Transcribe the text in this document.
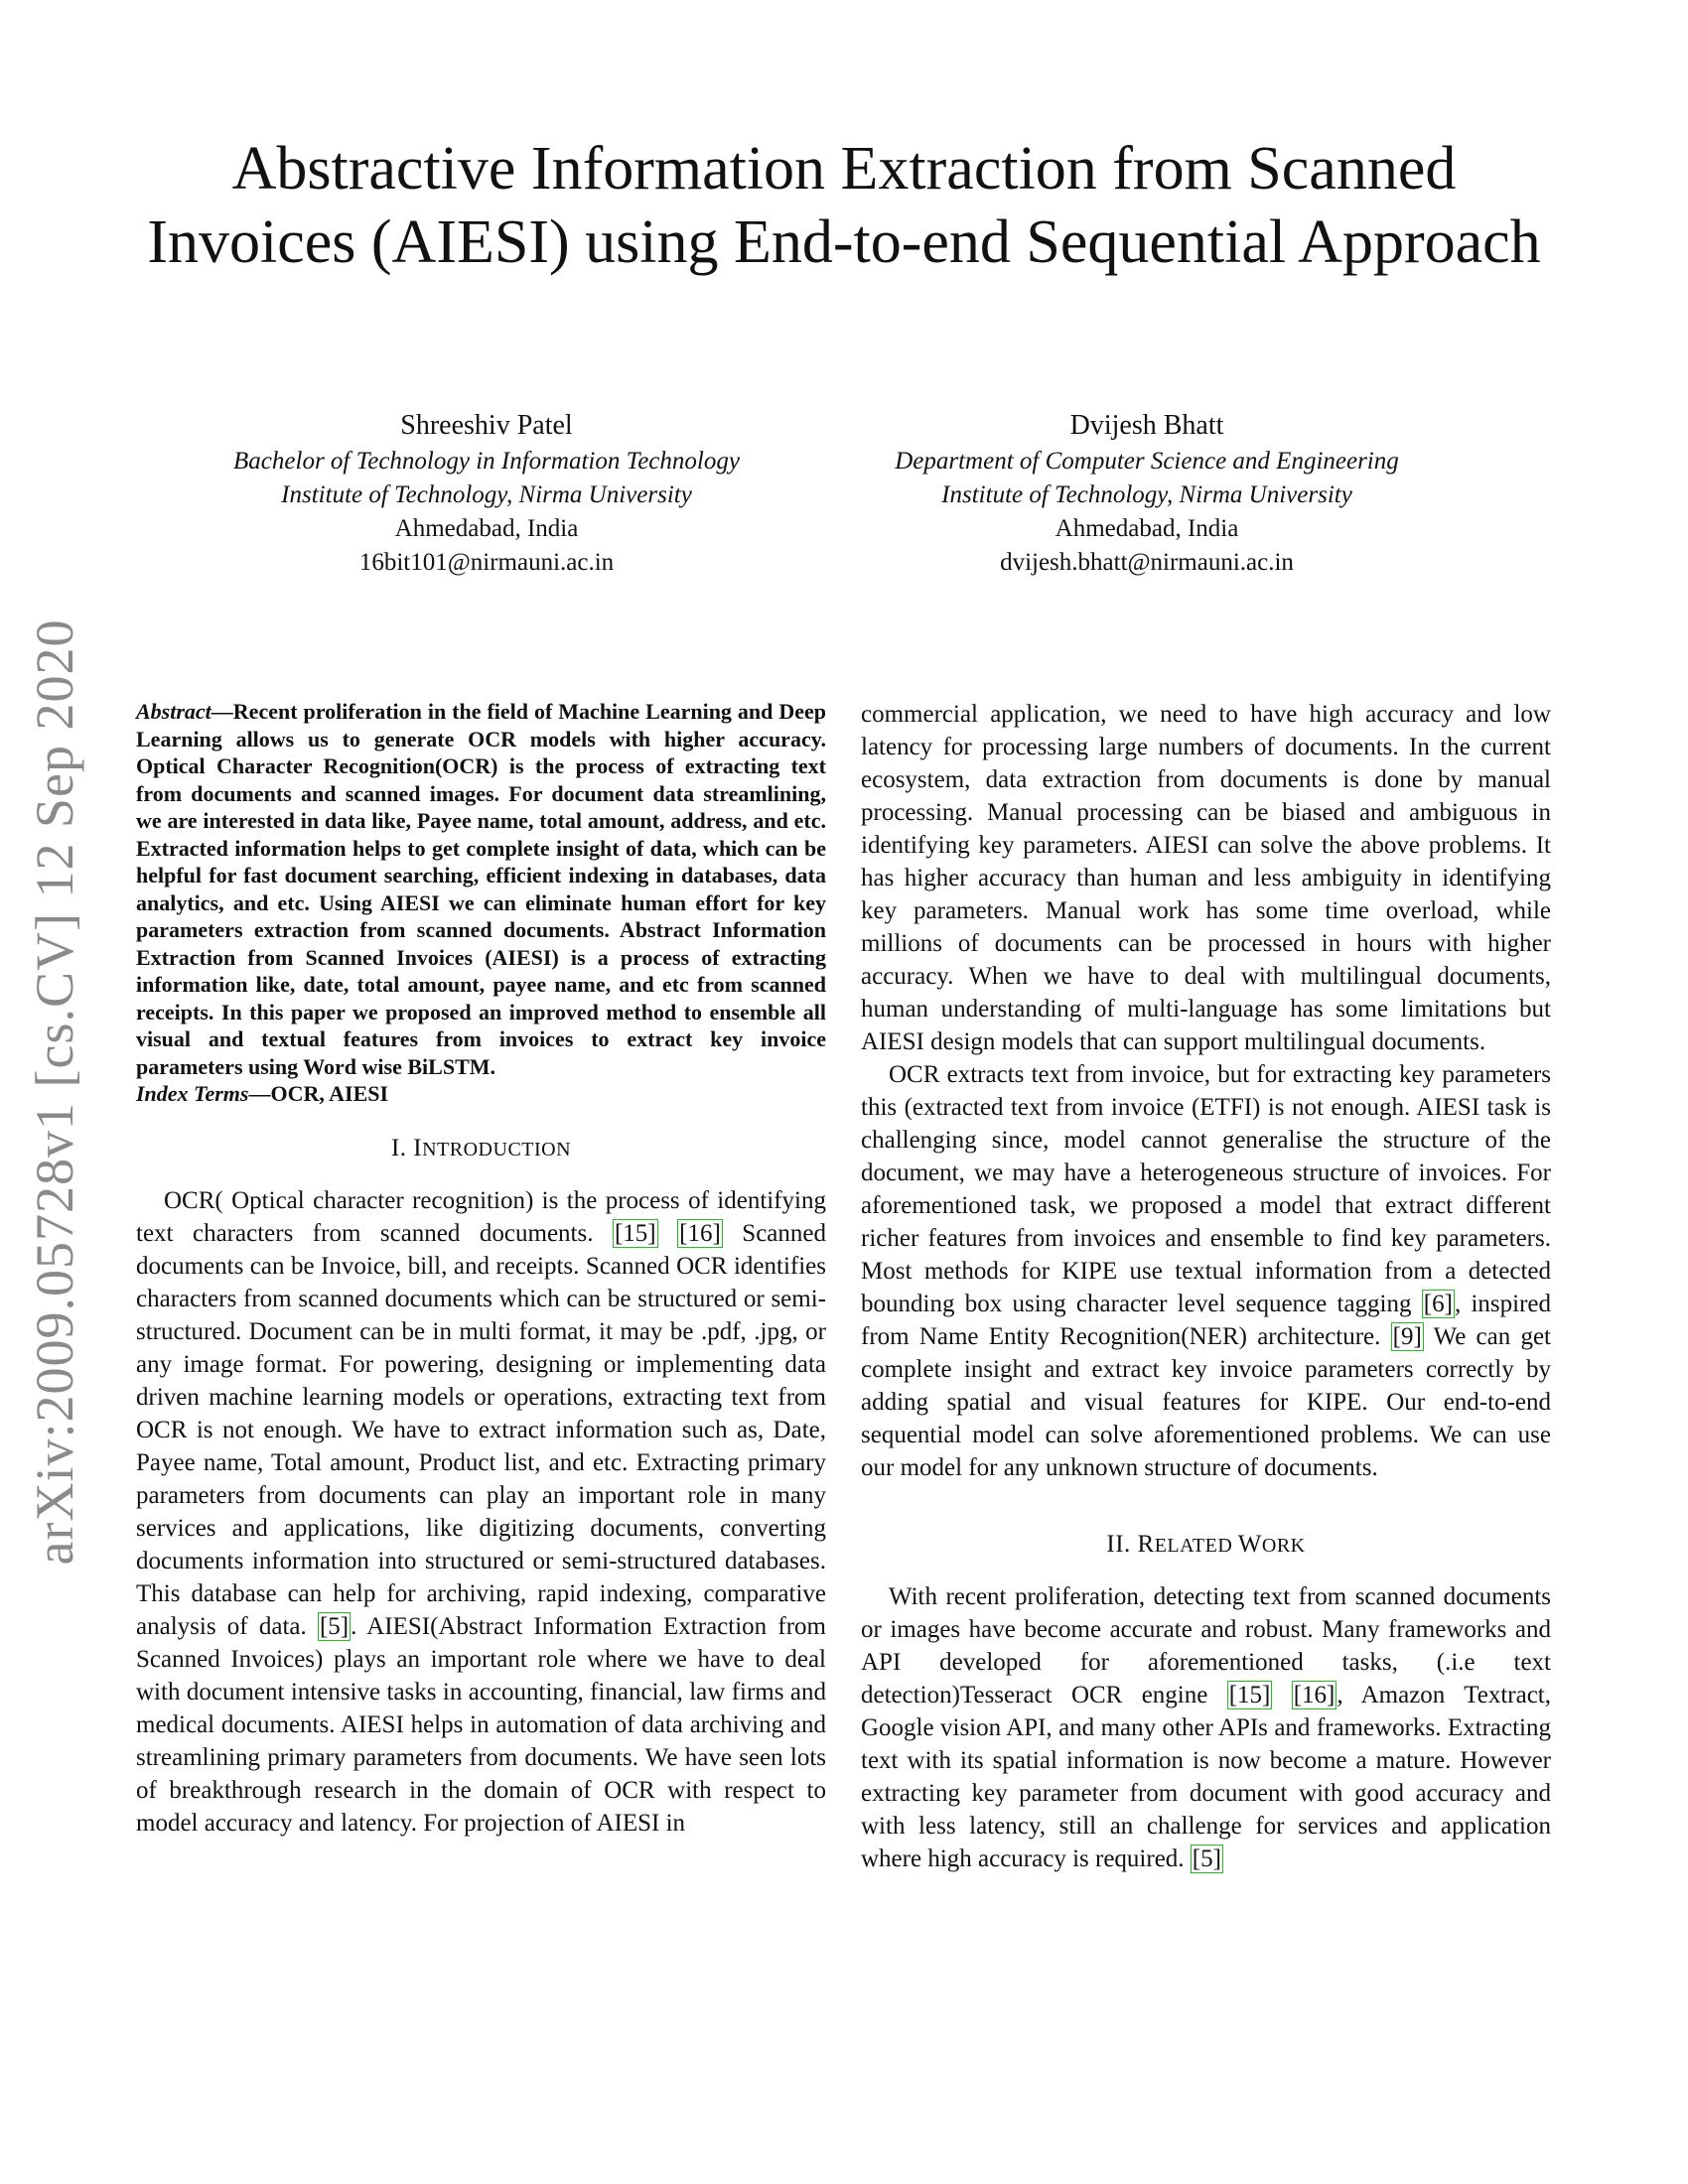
arXiv:2009.05728v1 [cs.CV] 12 Sep 2020
Abstractive Information Extraction from Scanned Invoices (AIESI) using End-to-end Sequential Approach
Shreeshiv Patel
Bachelor of Technology in Information Technology
Institute of Technology, Nirma University
Ahmedabad, India
16bit101@nirmauni.ac.in
Dvijesh Bhatt
Department of Computer Science and Engineering
Institute of Technology, Nirma University
Ahmedabad, India
dvijesh.bhatt@nirmauni.ac.in

Abstract—Recent proliferation in the field of Machine Learning and Deep Learning allows us to generate OCR models with higher accuracy. Optical Character Recognition(OCR) is the process of extracting text from documents and scanned images. For document data streamlining, we are interested in data like, Payee name, total amount, address, and etc. Extracted information helps to get complete insight of data, which can be helpful for fast document searching, efficient indexing in databases, data analytics, and etc. Using AIESI we can eliminate human effort for key parameters extraction from scanned documents. Abstract Information Extraction from Scanned Invoices (AIESI) is a process of extracting information like, date, total amount, payee name, and etc from scanned receipts. In this paper we proposed an improved method to ensemble all visual and textual features from invoices to extract key invoice parameters using Word wise BiLSTM.

Index Terms—OCR, AIESI

I. INTRODUCTION

OCR( Optical character recognition) is the process of identifying text characters from scanned documents. [15] [16] Scanned documents can be Invoice, bill, and receipts. Scanned OCR identifies characters from scanned documents which can be structured or semi-structured. Document can be in multi format, it may be .pdf, .jpg, or any image format. For powering, designing or implementing data driven machine learning models or operations, extracting text from OCR is not enough. We have to extract information such as, Date, Payee name, Total amount, Product list, and etc. Extracting primary parameters from documents can play an important role in many services and applications, like digitizing documents, converting documents information into structured or semi-structured databases. This database can help for archiving, rapid indexing, comparative analysis of data. [5]. AIESI(Abstract Information Extraction from Scanned Invoices) plays an important role where we have to deal with document intensive tasks in accounting, financial, law firms and medical documents. AIESI helps in automation of data archiving and streamlining primary parameters from documents. We have seen lots of breakthrough research in the domain of OCR with respect to model accuracy and latency. For projection of AIESI in

commercial application, we need to have high accuracy and low latency for processing large numbers of documents. In the current ecosystem, data extraction from documents is done by manual processing. Manual processing can be biased and ambiguous in identifying key parameters. AIESI can solve the above problems. It has higher accuracy than human and less ambiguity in identifying key parameters. Manual work has some time overload, while millions of documents can be processed in hours with higher accuracy. When we have to deal with multilingual documents, human understanding of multi-language has some limitations but AIESI design models that can support multilingual documents.

OCR extracts text from invoice, but for extracting key parameters this (extracted text from invoice (ETFI) is not enough. AIESI task is challenging since, model cannot generalise the structure of the document, we may have a heterogeneous structure of invoices. For aforementioned task, we proposed a model that extract different richer features from invoices and ensemble to find key parameters. Most methods for KIPE use textual information from a detected bounding box using character level sequence tagging [6], inspired from Name Entity Recognition(NER) architecture. [9] We can get complete insight and extract key invoice parameters correctly by adding spatial and visual features for KIPE. Our end-to-end sequential model can solve aforementioned problems. We can use our model for any unknown structure of documents.

II. RELATED WORK

With recent proliferation, detecting text from scanned documents or images have become accurate and robust. Many frameworks and API developed for aforementioned tasks, (.i.e text detection)Tesseract OCR engine [15] [16], Amazon Textract, Google vision API, and many other APIs and frameworks. Extracting text with its spatial information is now become a mature. However extracting key parameter from document with good accuracy and with less latency, still an challenge for services and application where high accuracy is required. [5]
